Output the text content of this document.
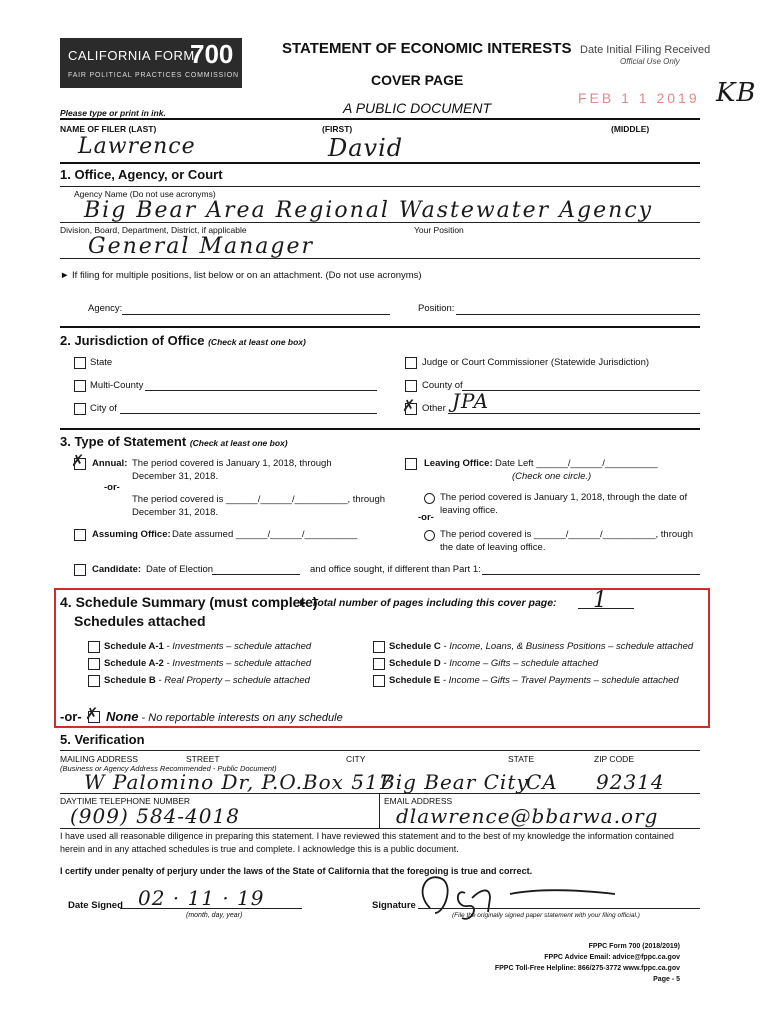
CALIFORNIA FORM
700
FAIR POLITICAL PRACTICES COMMISSION
STATEMENT OF ECONOMIC INTERESTS
COVER PAGE
A PUBLIC DOCUMENT
Please type or print in ink.
Date Initial Filing Received
Official Use Only
FEB 1 1 2019 KB
NAME OF FILER (LAST)	(FIRST)	(MIDDLE)
Lawrence	David
1. Office, Agency, or Court
Agency Name (Do not use acronyms)
Big Bear Area Regional Wastewater Agency
Division, Board, Department, District, if applicable	Your Position
General Manager
► If filing for multiple positions, list below or on an attachment. (Do not use acronyms)
Agency:	Position:
2. Jurisdiction of Office (Check at least one box)
State
Multi-County
City of
Judge or Court Commissioner (Statewide Jurisdiction)
County of
✗ Other JPA
3. Type of Statement (Check at least one box)
✗ Annual: The period covered is January 1, 2018, through
December 31, 2018.
-or-
The period covered is ______/______/__________, through
December 31, 2018.
Assuming Office: Date assumed ______/______/__________
Leaving Office: Date Left ______/______/__________
(Check one circle.)
The period covered is January 1, 2018, through the date of
-or-
leaving office.
The period covered is ______/______/__________, through
the date of leaving office.
Candidate: Date of Election	and office sought, if different than Part 1:
4. Schedule Summary (must complete)
► Total number of pages including this cover page: 1
Schedules attached
Schedule A-1 - Investments – schedule attached
Schedule A-2 - Investments – schedule attached
Schedule B - Real Property – schedule attached
Schedule C - Income, Loans, & Business Positions – schedule attached
Schedule D - Income – Gifts – schedule attached
Schedule E - Income – Gifts – Travel Payments – schedule attached
-or- ✗ None - No reportable interests on any schedule
5. Verification
MAILING ADDRESS	STREET	CITY	STATE	ZIP CODE
(Business or Agency Address Recommended - Public Document)
W Palomino Dr, P.O.Box 517
Big Bear City
CA 92314
DAYTIME TELEPHONE NUMBER	EMAIL ADDRESS
(909) 584-4018	dlawrence@bbarwa.org
I have used all reasonable diligence in preparing this statement. I have reviewed this statement and to the best of my knowledge the information contained
herein and in any attached schedules is true and complete. I acknowledge this is a public document.
I certify under penalty of perjury under the laws of the State of California that the foregoing is true and correct.
Date Signed 02 · 11 · 19
(month, day, year)
Signature
(File the originally signed paper statement with your filing official.)
FPPC Form 700 (2018/2019)
FPPC Advice Email: advice@fppc.ca.gov
FPPC Toll-Free Helpline: 866/275-3772 www.fppc.ca.gov
Page - 5
